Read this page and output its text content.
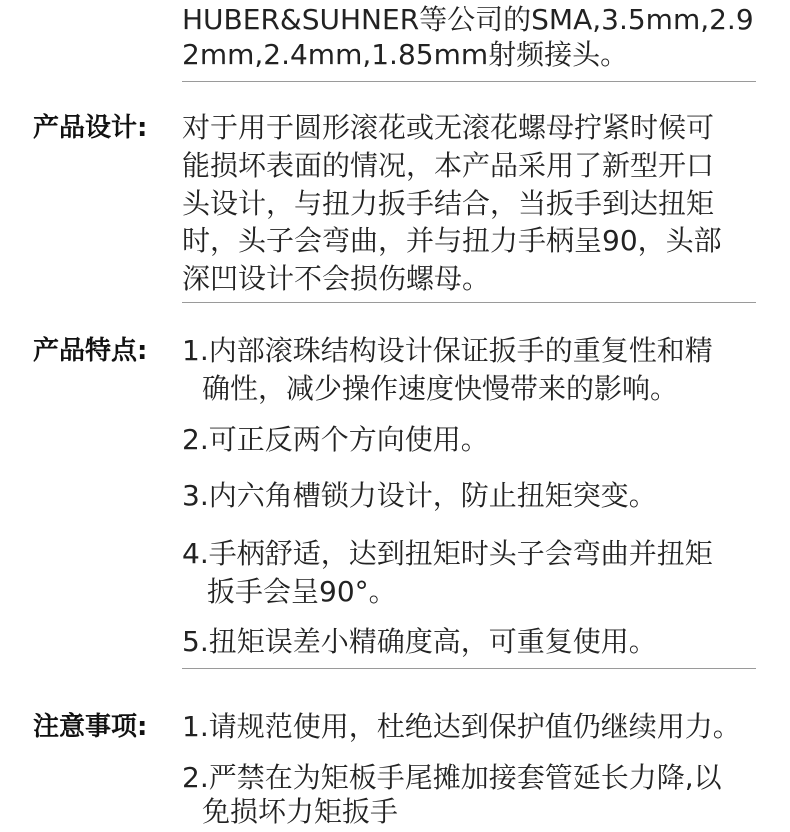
HUBER&SUHNER等公司的SMA,3.5mm,2.9
2mm,2.4mm,1.85mm射频接头。
产品设计: 对于用于圆形滚花或无滚花螺母拧紧时候可
能损坏表面的情况，本产品采用了新型开口
头设计，与扭力扳手结合，当扳手到达扭矩
时，头子会弯曲，并与扭力手柄呈90，头部
深凹设计不会损伤螺母。
产品特点: 1.内部滚珠结构设计保证扳手的重复性和精
确性，减少操作速度快慢带来的影响。
2.可正反两个方向使用。
3.内六角槽锁力设计，防止扭矩突变。
4.手柄舒适，达到扭矩时头子会弯曲并扭矩
扳手会呈90°。
5.扭矩误差小精确度高，可重复使用。
注意事项: 1.请规范使用，杜绝达到保护值仍继续用力。
2.严禁在为矩板手尾摊加接套管延长力降,以
免损坏力矩扳手
